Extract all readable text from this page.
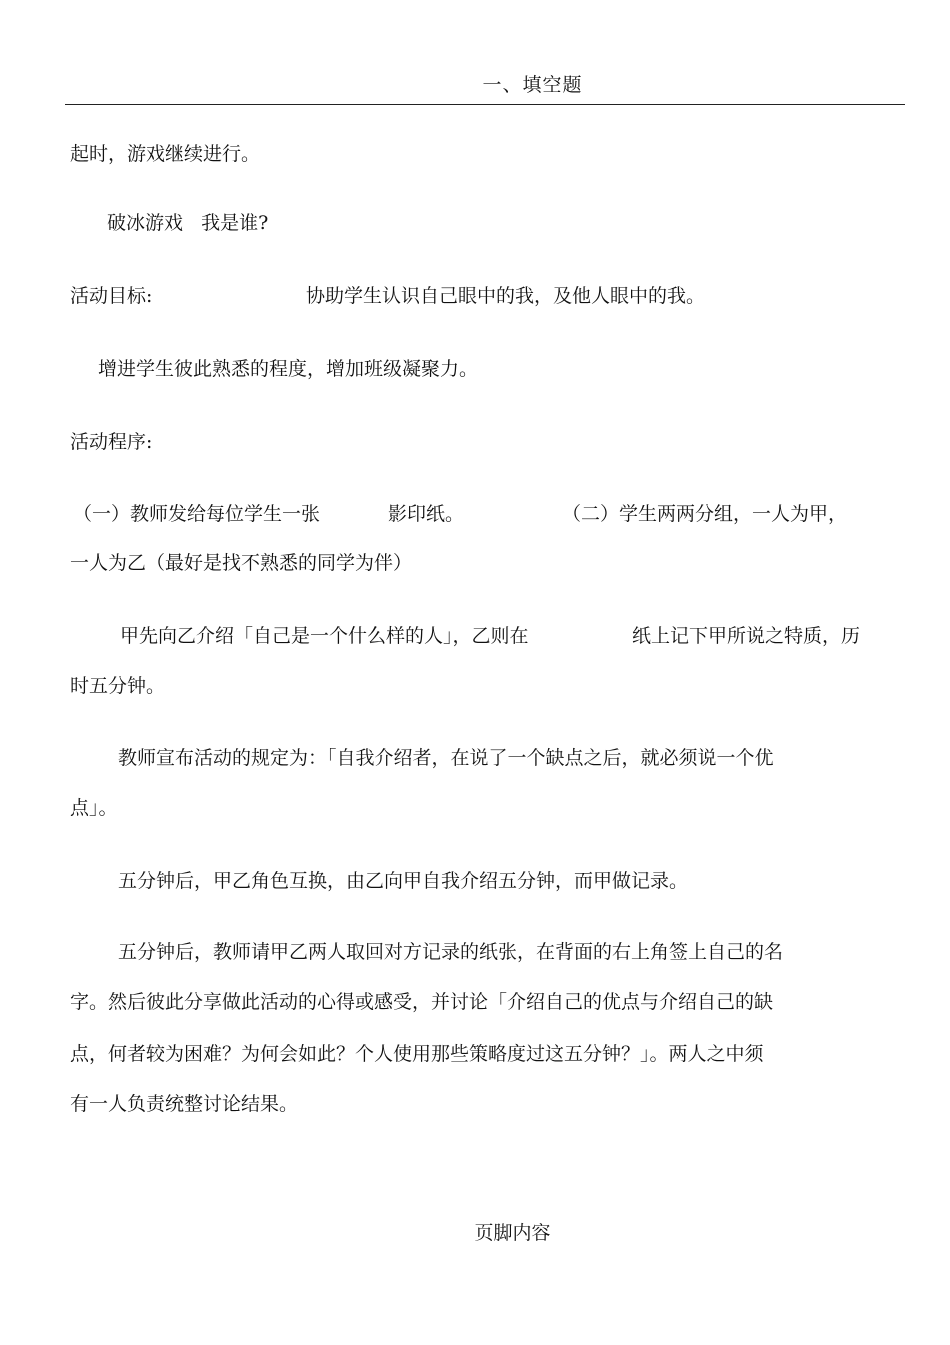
一、填空题
起时，游戏继续进行。
破冰游戏   我是谁?
活动目标:	协助学生认识自己眼中的我，及他人眼中的我。
增进学生彼此熟悉的程度，增加班级凝聚力。
活动程序:
（一）教师发给每位学生一张	影印纸。	（二）学生两两分组，一人为甲，
一人为乙（最好是找不熟悉的同学为伴）
甲先向乙介绍「自己是一个什么样的人」，乙则在	纸上记下甲所说之特质，历
时五分钟。
教师宣布活动的规定为：「自我介绍者，在说了一个缺点之后，就必须说一个优
点」。
五分钟后，甲乙角色互换，由乙向甲自我介绍五分钟，而甲做记录。
五分钟后，教师请甲乙两人取回对方记录的纸张，在背面的右上角签上自己的名
字。然后彼此分享做此活动的心得或感受，并讨论「介绍自己的优点与介绍自己的缺
点，何者较为困难？为何会如此？个人使用那些策略度过这五分钟？」。两人之中须
有一人负责统整讨论结果。
页脚内容
